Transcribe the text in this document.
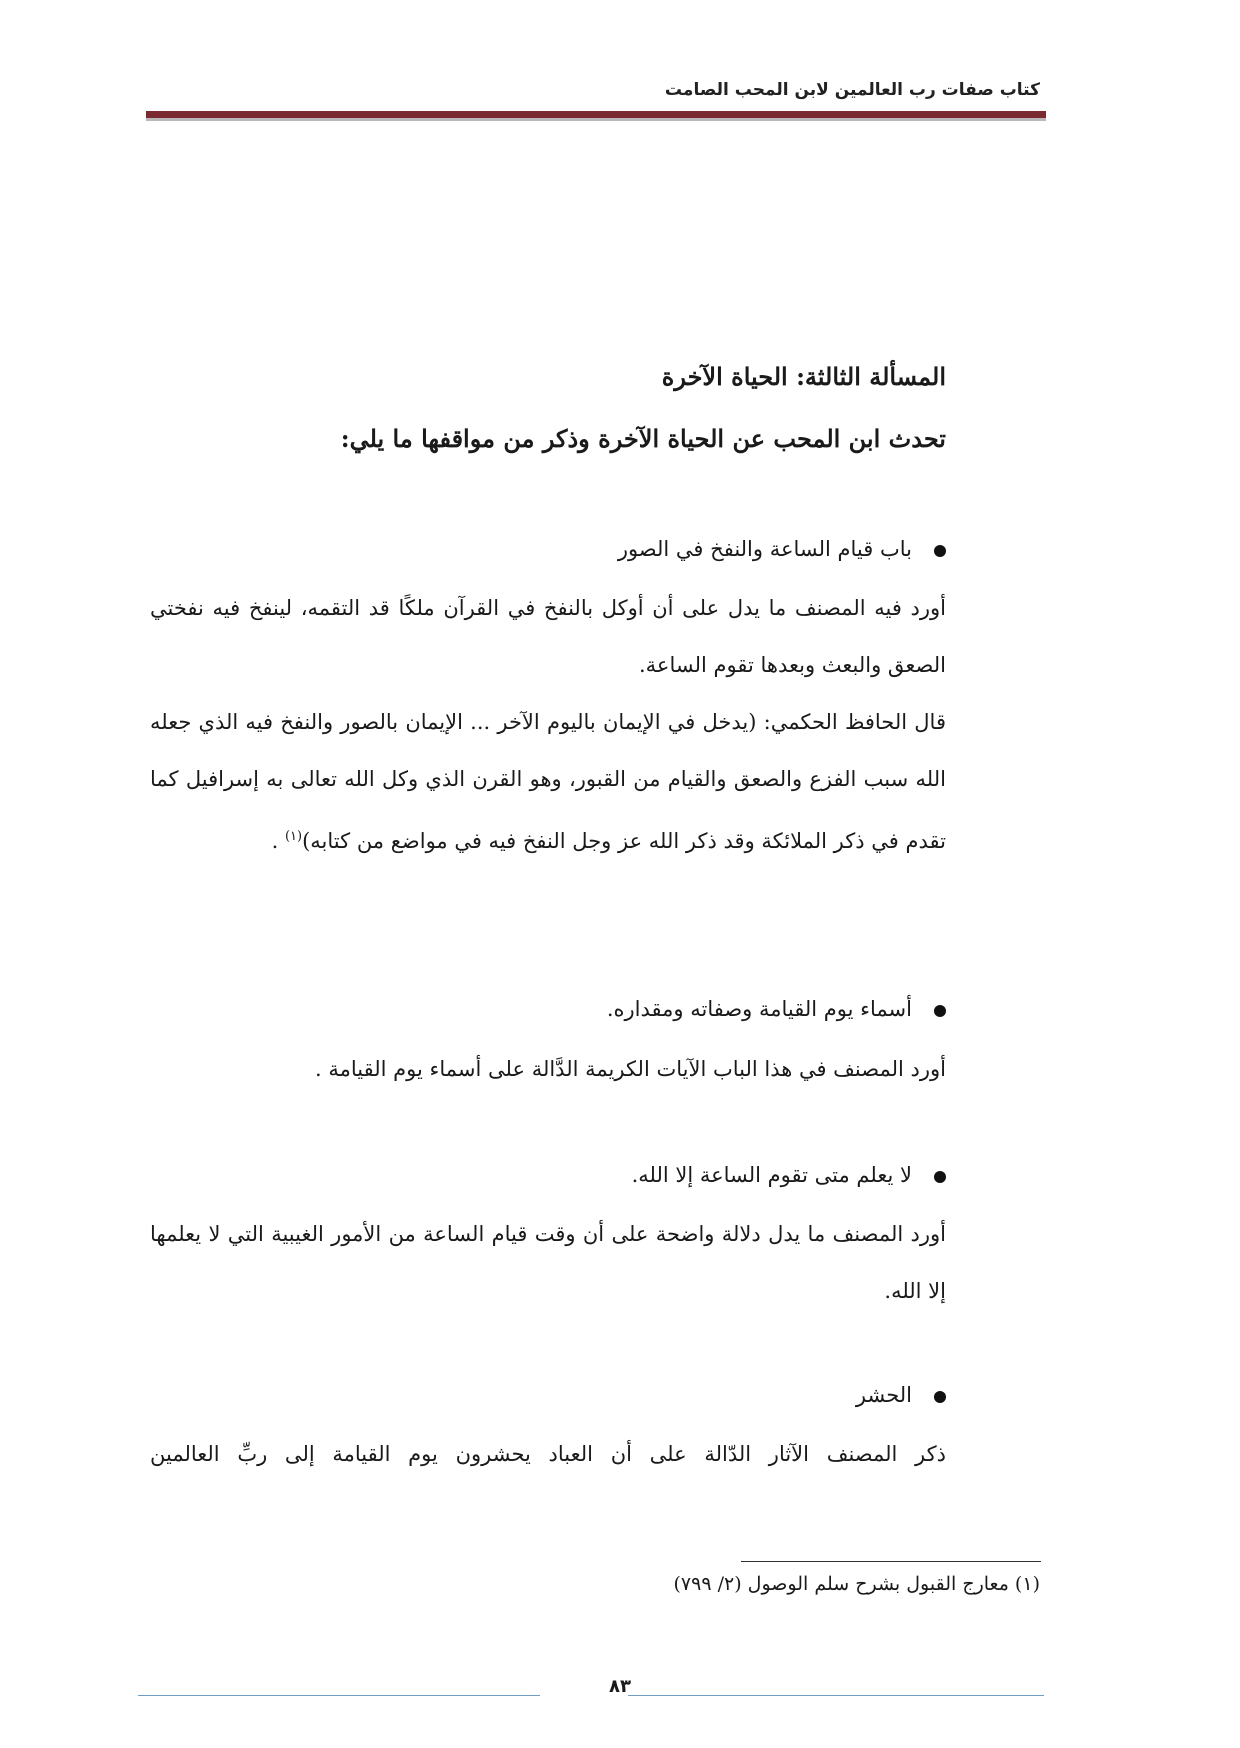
كتاب صفات رب العالمين لابن المحب الصامت
المسألة الثالثة: الحياة الآخرة
تحدث ابن المحب عن الحياة الآخرة وذكر من مواقفها ما يلي:
باب قيام الساعة والنفخ في الصور
أورد فيه المصنف ما يدل على أن أوكل بالنفخ في القرآن ملكًا قد التقمه، لينفخ فيه نفختي الصعق والبعث وبعدها تقوم الساعة.
قال الحافظ الحكمي: (يدخل في الإيمان باليوم الآخر ... الإيمان بالصور والنفخ فيه الذي جعله الله سبب الفزع والصعق والقيام من القبور، وهو القرن الذي وكل الله تعالى به إسرافيل كما تقدم في ذكر الملائكة وقد ذكر الله عز وجل النفخ فيه في مواضع من كتابه)$^{(١)}$ .
أسماء يوم القيامة وصفاته ومقداره.
أورد المصنف في هذا الباب الآيات الكريمة الدَّالة على أسماء يوم القيامة .
لا يعلم متى تقوم الساعة إلا الله.
أورد المصنف ما يدل دلالة واضحة على أن وقت قيام الساعة من الأمور الغيبية التي لا يعلمها إلا الله.
الحشر
ذكر المصنف الآثار الدّالة على أن العباد يحشرون يوم القيامة إلى ربِّ العالمين
(١) معارج القبول بشرح سلم الوصول (٢/ ٧٩٩)
٨٣
